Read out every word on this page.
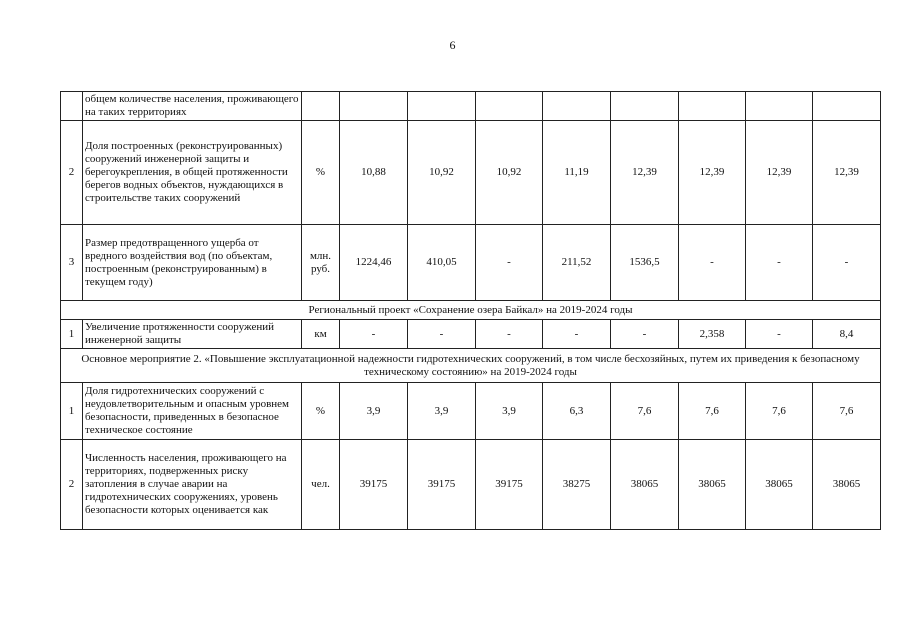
6
	общем количестве населения, проживающего на таких территориях									
2	Доля построенных (реконструированных) сооружений инженерной защиты и берегоукрепления, в общей протяженности берегов водных объектов, нуждающихся в строительстве таких сооружений	%	10,88	10,92	10,92	11,19	12,39	12,39	12,39	12,39
3	Размер предотвращенного ущерба от вредного воздействия вод (по объектам, построенным (реконструированным) в текущем году)	млн. руб.	1224,46	410,05	-	211,52	1536,5	-	-	-
Региональный проект «Сохранение озера Байкал» на 2019-2024 годы										
1	Увеличение протяженности сооружений инженерной защиты	км	-	-	-	-	-	2,358	-	8,4
Основное мероприятие 2. «Повышение эксплуатационной надежности гидротехнических сооружений, в том числе бесхозяйных, путем их приведения к безопасному техническому состоянию» на 2019-2024 годы										
1	Доля гидротехнических сооружений с неудовлетворительным и опасным уровнем безопасности, приведенных в безопасное техническое состояние	%	3,9	3,9	3,9	6,3	7,6	7,6	7,6	7,6
2	Численность населения, проживающего на территориях, подверженных риску затопления в случае аварии на гидротехнических сооружениях, уровень безопасности которых оценивается как	чел.	39175	39175	39175	38275	38065	38065	38065	38065
